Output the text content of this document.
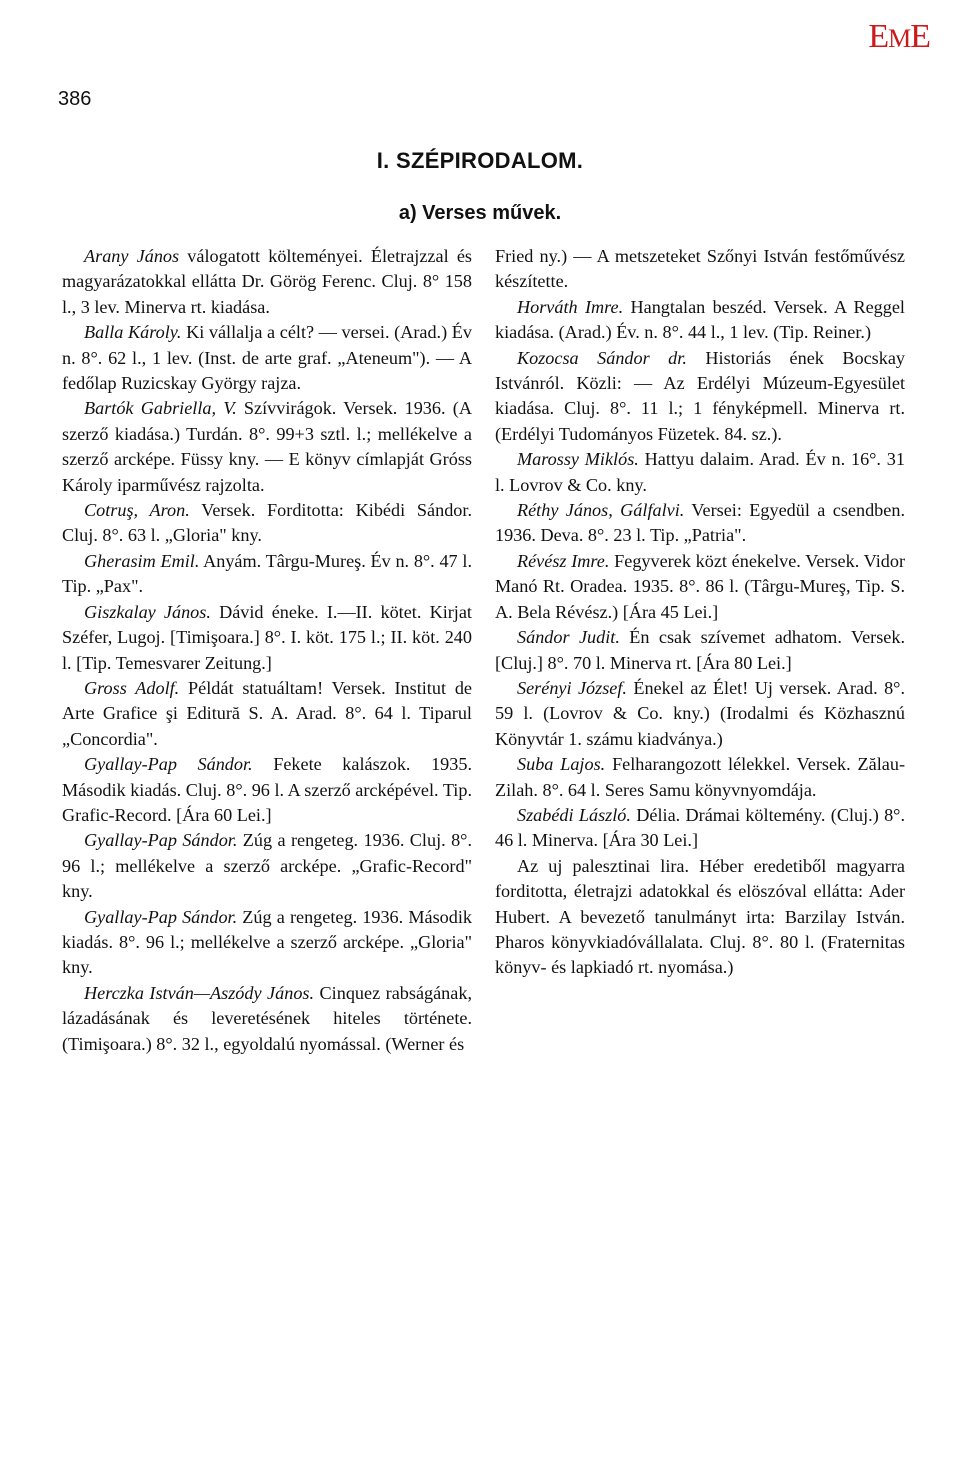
EME
386
I. SZÉPIRODALOM.
a) Verses művek.

Arany János válogatott költeményei. Életrajzzal és magyarázatokkal ellátta Dr. Görög Ferenc. Cluj. 8° 158 l., 3 lev. Minerva rt. kiadása.

Balla Károly. Ki vállalja a célt? — versei. (Arad.) Év n. 8°. 62 l., 1 lev. (Inst. de arte graf. „Ateneum"). — A fedőlap Ruzicskay György rajza.

Bartók Gabriella, V. Szívvirágok. Versek. 1936. (A szerző kiadása.) Turdán. 8°. 99+3 sztl. l.; mellékelve a szerző arcképe. Füssy kny. — E könyv címlapját Gróss Károly iparművész rajzolta.

Cotruş, Aron. Versek. Forditotta: Kibédi Sándor. Cluj. 8°. 63 l. „Gloria" kny.

Gherasim Emil. Anyám. Târgu-Mureş. Év n. 8°. 47 l. Tip. „Pax".

Giszkalay János. Dávid éneke. I.—II. kötet. Kirjat Széfer, Lugoj. [Timişoara.] 8°. I. köt. 175 l.; II. köt. 240 l. [Tip. Temesvarer Zeitung.]

Gross Adolf. Példát statuáltam! Versek. Institut de Arte Grafice şi Editură S. A. Arad. 8°. 64 l. Tiparul „Concordia".

Gyallay-Pap Sándor. Fekete kalászok. 1935. Második kiadás. Cluj. 8°. 96 l. A szerző arcképével. Tip. Grafic-Record. [Ára 60 Lei.]

Gyallay-Pap Sándor. Zúg a rengeteg. 1936. Cluj. 8°. 96 l.; mellékelve a szerző arcképe. „Grafic-Record" kny.

Gyallay-Pap Sándor. Zúg a rengeteg. 1936. Második kiadás. 8°. 96 l.; mellékelve a szerző arcképe. „Gloria" kny.

Herczka István—Aszódy János. Cinquez rabságának, lázadásának és leveretésének hiteles története. (Timişoara.) 8°. 32 l., egyoldalú nyomással. (Werner és

Fried ny.) — A metszeteket Szőnyi István festőművész készítette.

Horváth Imre. Hangtalan beszéd. Versek. A Reggel kiadása. (Arad.) Év. n. 8°. 44 l., 1 lev. (Tip. Reiner.)

Kozocsa Sándor dr. Historiás ének Bocskay Istvánról. Közli: — Az Erdélyi Múzeum-Egyesület kiadása. Cluj. 8°. 11 l.; 1 fényképmell. Minerva rt. (Erdélyi Tudományos Füzetek. 84. sz.).

Marossy Miklós. Hattyu dalaim. Arad. Év n. 16°. 31 l. Lovrov & Co. kny.

Réthy János, Gálfalvi. Versei: Egyedül a csendben. 1936. Deva. 8°. 23 l. Tip. „Patria".

Révész Imre. Fegyverek közt énekelve. Versek. Vidor Manó Rt. Oradea. 1935. 8°. 86 l. (Târgu-Mureş, Tip. S. A. Bela Révész.) [Ára 45 Lei.]

Sándor Judit. Én csak szívemet adhatom. Versek. [Cluj.] 8°. 70 l. Minerva rt. [Ára 80 Lei.]

Serényi József. Énekel az Élet! Uj versek. Arad. 8°. 59 l. (Lovrov & Co. kny.) (Irodalmi és Közhasznú Könyvtár 1. számu kiadványa.)

Suba Lajos. Felharangozott lélekkel. Versek. Zălau-Zilah. 8°. 64 l. Seres Samu könyvnyomdája.

Szabédi László. Délia. Drámai költemény. (Cluj.) 8°. 46 l. Minerva. [Ára 30 Lei.]

Az uj palesztinai lira. Héber eredetiből magyarra forditotta, életrajzi adatokkal és elöszóval ellátta: Ader Hubert. A bevezető tanulmányt irta: Barzilay István. Pharos könyvkiadóvállalata. Cluj. 8°. 80 l. (Fraternitas könyv- és lapkiadó rt. nyomása.)
